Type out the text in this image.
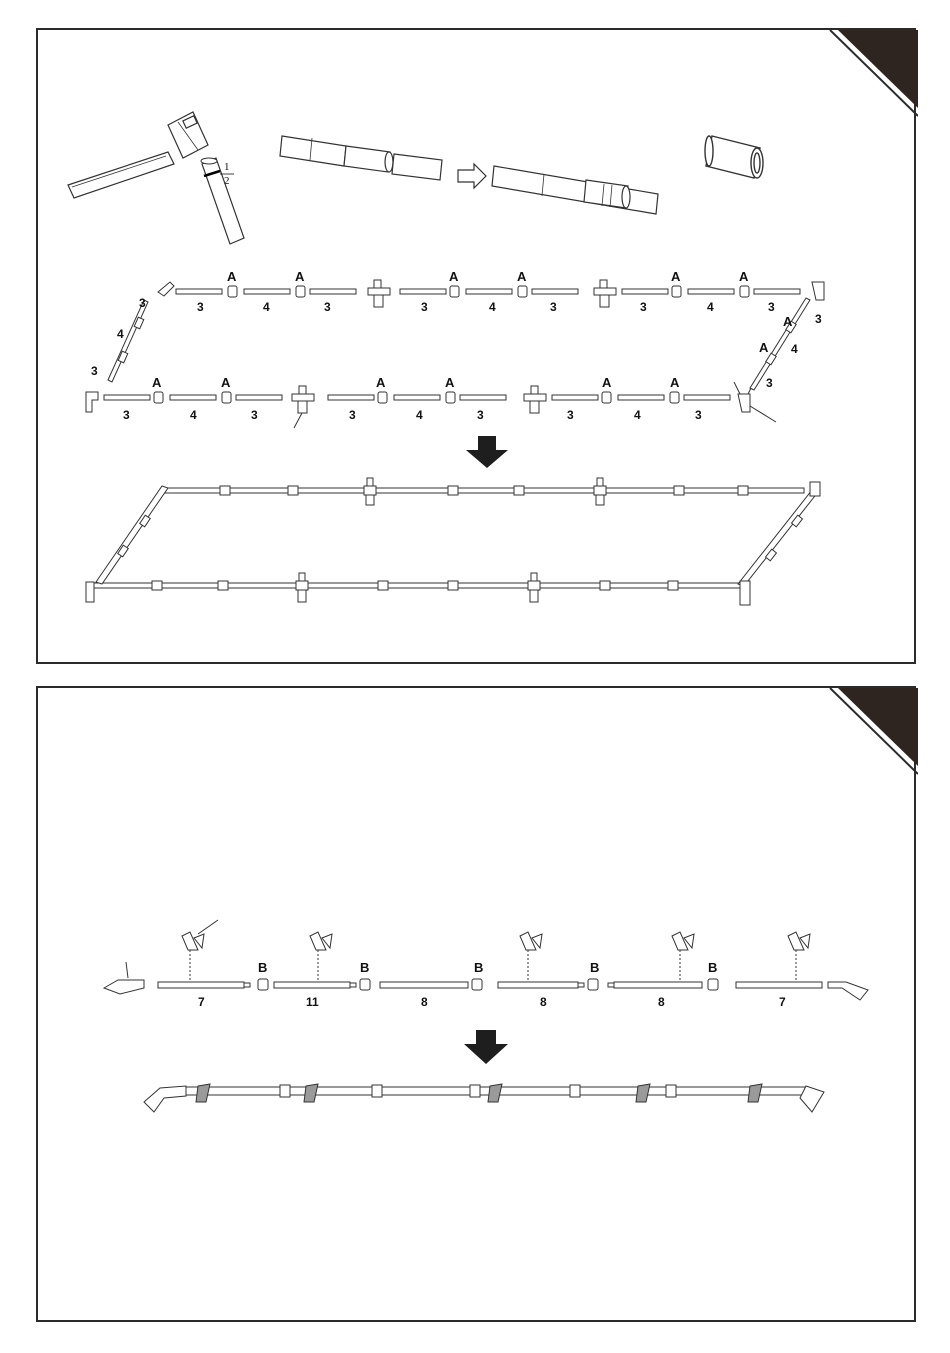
1
2
3	4	3	3	4	3	3	4	3
A	A	A	A	A	A
3	4	3	3	4	3	3	4	3
A	A	A	A	A	A
3
4
3
3
4
3
A
A
7	11	8	8	8	7
B	B	B	B	B
